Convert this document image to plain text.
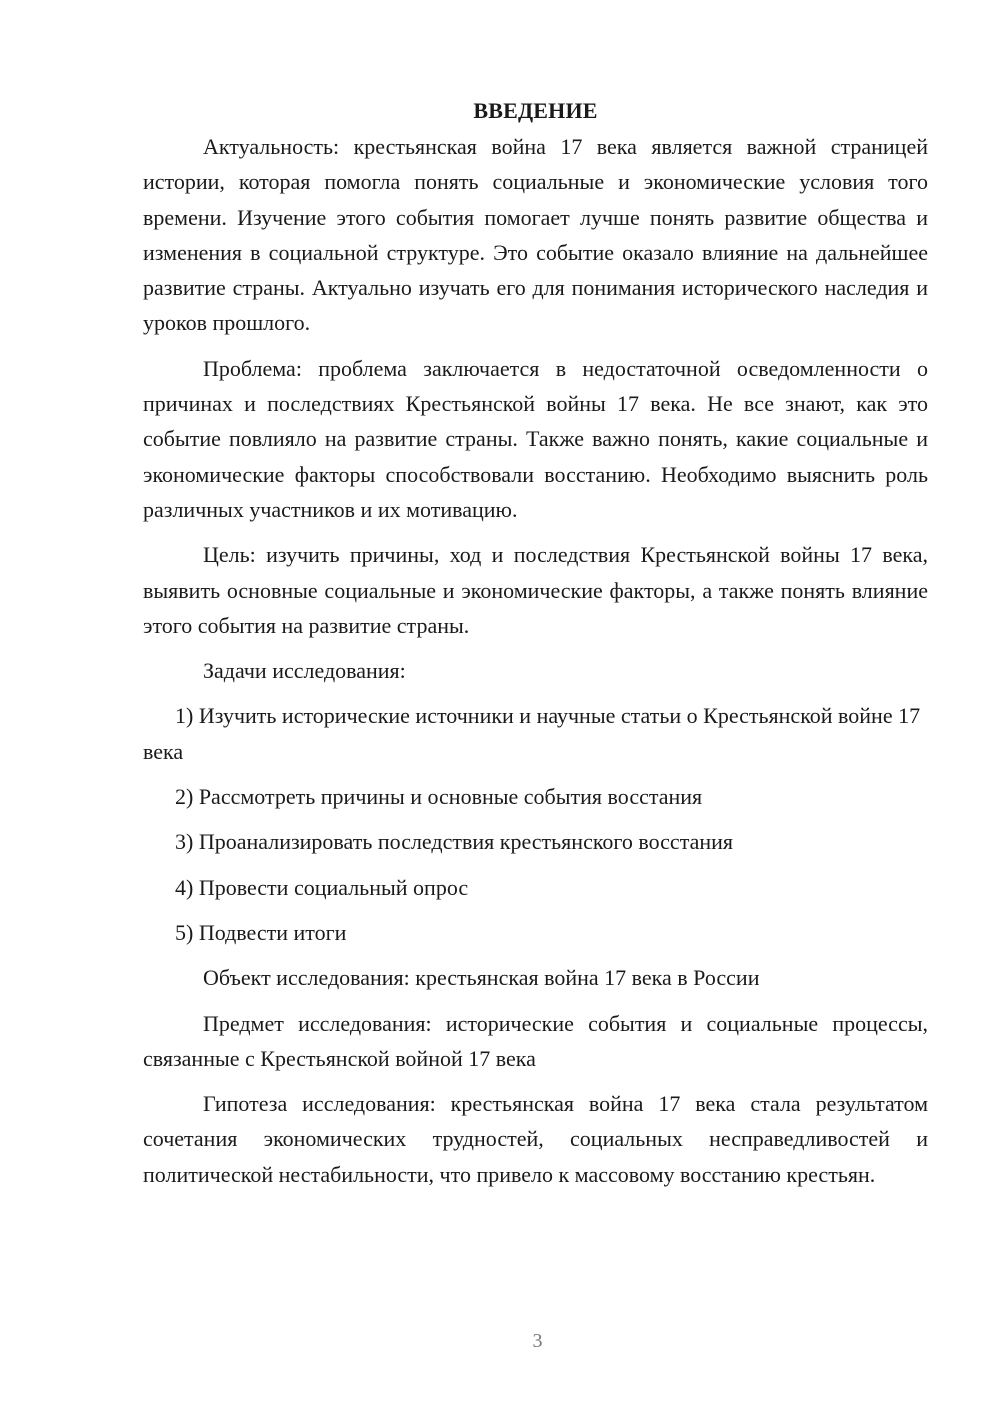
ВВЕДЕНИЕ

Актуальность: крестьянская война 17 века является важной страницей истории, которая помогла понять социальные и экономические условия того времени. Изучение этого события помогает лучше понять развитие общества и изменения в социальной структуре. Это событие оказало влияние на дальнейшее развитие страны. Актуально изучать его для понимания исторического наследия и уроков прошлого.

Проблема: проблема заключается в недостаточной осведомленности о причинах и последствиях Крестьянской войны 17 века. Не все знают, как это событие повлияло на развитие страны. Также важно понять, какие социальные и экономические факторы способствовали восстанию. Необходимо выяснить роль различных участников и их мотивацию.

Цель: изучить причины, ход и последствия Крестьянской войны 17 века, выявить основные социальные и экономические факторы, а также понять влияние этого события на развитие страны.

Задачи исследования:

1) Изучить исторические источники и научные статьи о Крестьянской войне 17 века

2) Рассмотреть причины и основные события восстания

3) Проанализировать последствия крестьянского восстания

4) Провести социальный опрос

5) Подвести итоги

Объект исследования: крестьянская война 17 века в России

Предмет исследования: исторические события и социальные процессы, связанные с Крестьянской войной 17 века

Гипотеза исследования: крестьянская война 17 века стала результатом сочетания экономических трудностей, социальных несправедливостей и политической нестабильности, что привело к массовому восстанию крестьян.

3
